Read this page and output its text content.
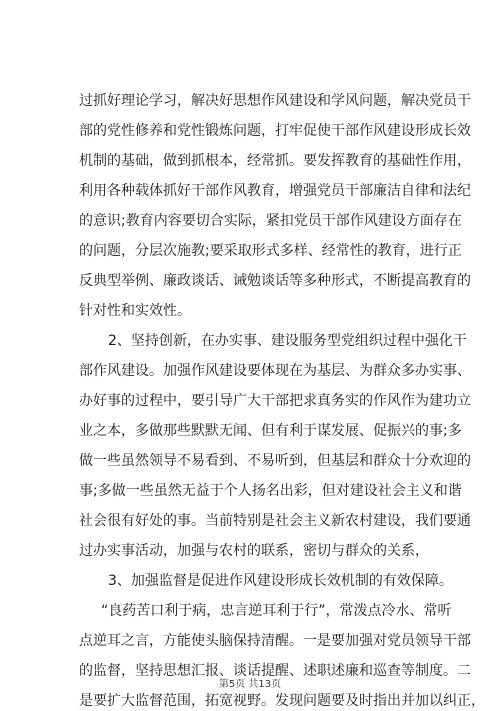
过抓好理论学习，解决好思想作风建设和学风问题，解决党员干
部的党性修养和党性锻炼问题，打牢促使干部作风建设形成长效
机制的基础，做到抓根本，经常抓。要发挥教育的基础性作用，
利用各种载体抓好干部作风教育，增强党员干部廉洁自律和法纪
的意识;教育内容要切合实际，紧扣党员干部作风建设方面存在
的问题，分层次施教;要采取形式多样、经常性的教育，进行正
反典型举例、廉政谈话、诫勉谈话等多种形式，不断提高教育的
针对性和实效性。
2、坚持创新，在办实事、建设服务型党组织过程中强化干
部作风建设。加强作风建设要体现在为基层、为群众多办实事、
办好事的过程中，要引导广大干部把求真务实的作风作为建功立
业之本，多做那些默默无闻、但有利于谋发展、促振兴的事;多
做一些虽然领导不易看到、不易听到，但基层和群众十分欢迎的
事;多做一些虽然无益于个人扬名出彩，但对建设社会主义和谐
社会很有好处的事。当前特别是社会主义新农村建设，我们要通
过办实事活动，加强与农村的联系，密切与群众的关系，
3、加强监督是促进作风建设形成长效机制的有效保障。
“良药苦口利于病，忠言逆耳利于行”，常泼点冷水、常听
点逆耳之言，方能使头脑保持清醒。一是要加强对党员领导干部
的监督，坚持思想汇报、谈话提醒、述职述廉和巡查等制度。二
是要扩大监督范围，拓宽视野。发现问题要及时指出并加以纠正，
第5页 共13页
